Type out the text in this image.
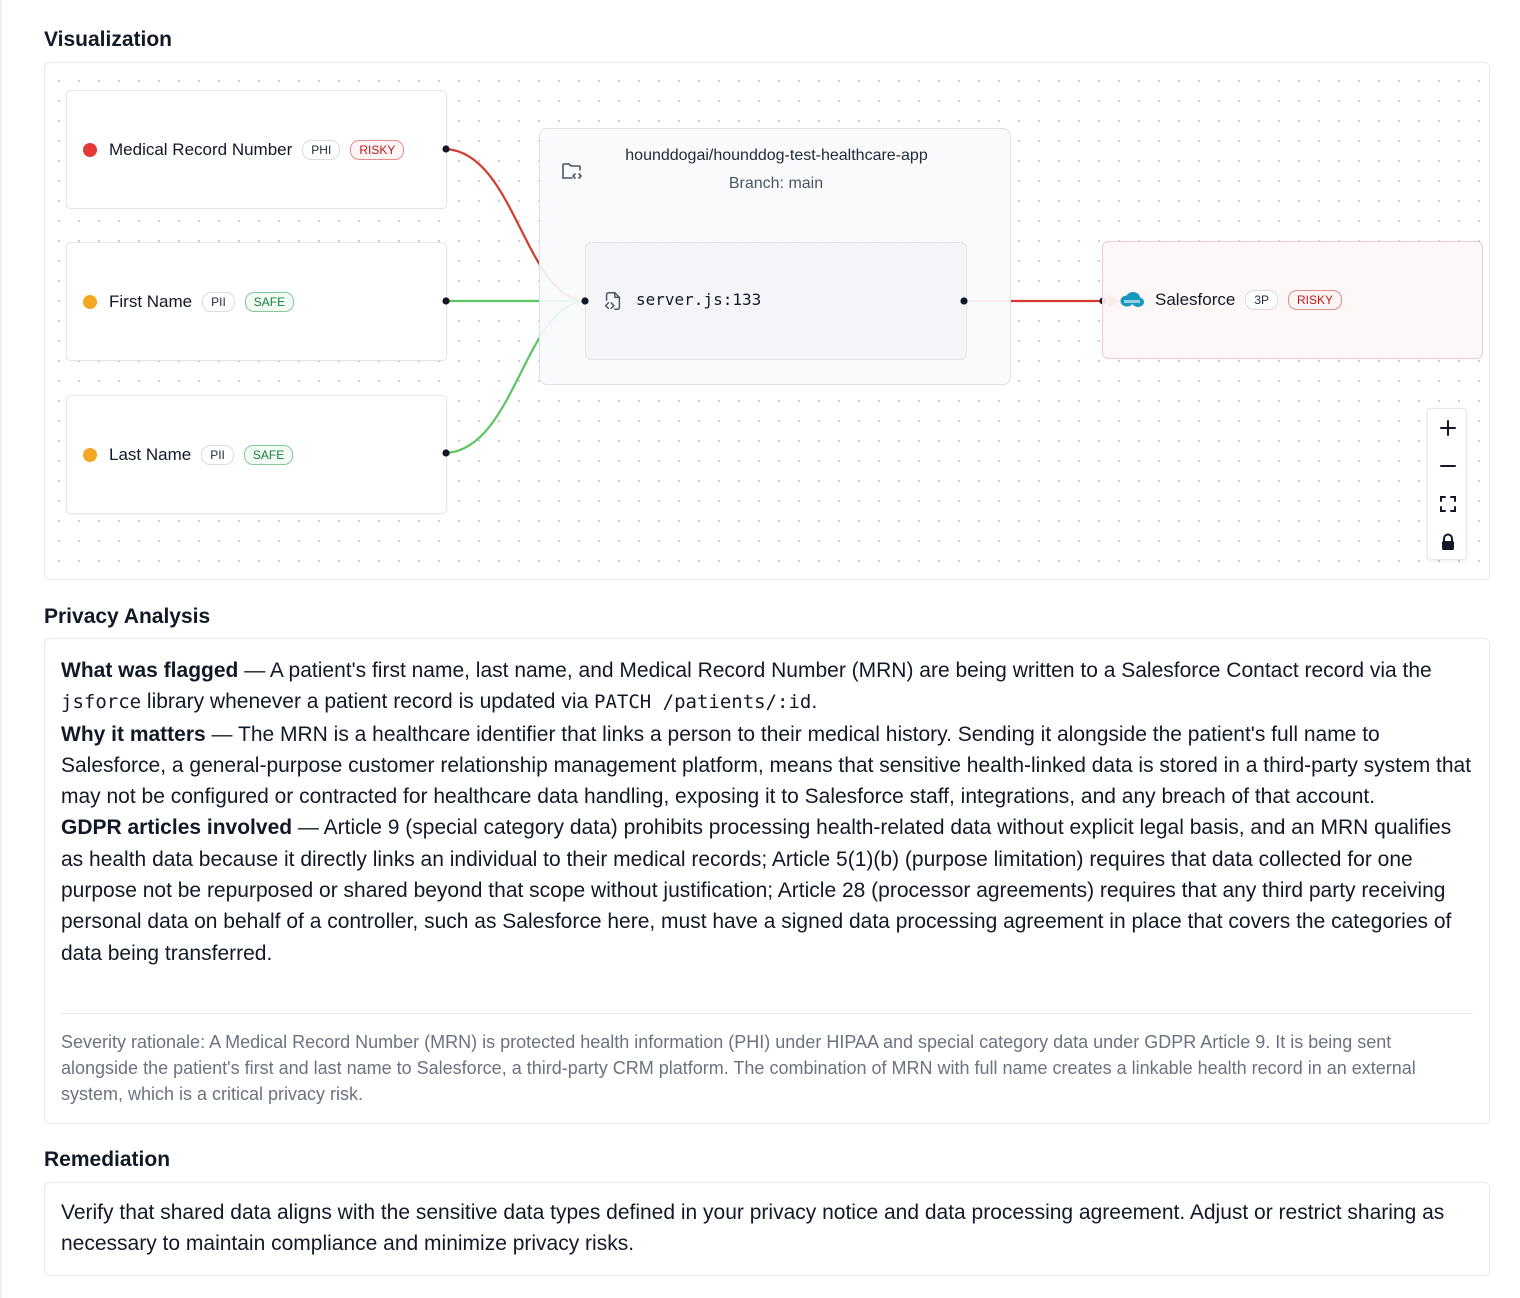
Visualization
Medical Record Number	PHI	RISKY
First Name	PII	SAFE
Last Name	PII	SAFE
hounddogai/hounddog-test-healthcare-app
Branch: main
server.js:133	Salesforce	3P	RISKY
Privacy Analysis

What was flagged — A patient's first name, last name, and Medical Record Number (MRN) are being written to a Salesforce Contact record via the jsforce library whenever a patient record is updated via PATCH /patients/:id.

Why it matters — The MRN is a healthcare identifier that links a person to their medical history. Sending it alongside the patient's full name to Salesforce, a general-purpose customer relationship management platform, means that sensitive health-linked data is stored in a third-party system that may not be configured or contracted for healthcare data handling, exposing it to Salesforce staff, integrations, and any breach of that account.

GDPR articles involved — Article 9 (special category data) prohibits processing health-related data without explicit legal basis, and an MRN qualifies as health data because it directly links an individual to their medical records; Article 5(1)(b) (purpose limitation) requires that data collected for one purpose not be repurposed or shared beyond that scope without justification; Article 28 (processor agreements) requires that any third party receiving personal data on behalf of a controller, such as Salesforce here, must have a signed data processing agreement in place that covers the categories of data being transferred.

Severity rationale: A Medical Record Number (MRN) is protected health information (PHI) under HIPAA and special category data under GDPR Article 9. It is being sent alongside the patient's first and last name to Salesforce, a third-party CRM platform. The combination of MRN with full name creates a linkable health record in an external system, which is a critical privacy risk.

Remediation

Verify that shared data aligns with the sensitive data types defined in your privacy notice and data processing agreement. Adjust or restrict sharing as necessary to maintain compliance and minimize privacy risks.
